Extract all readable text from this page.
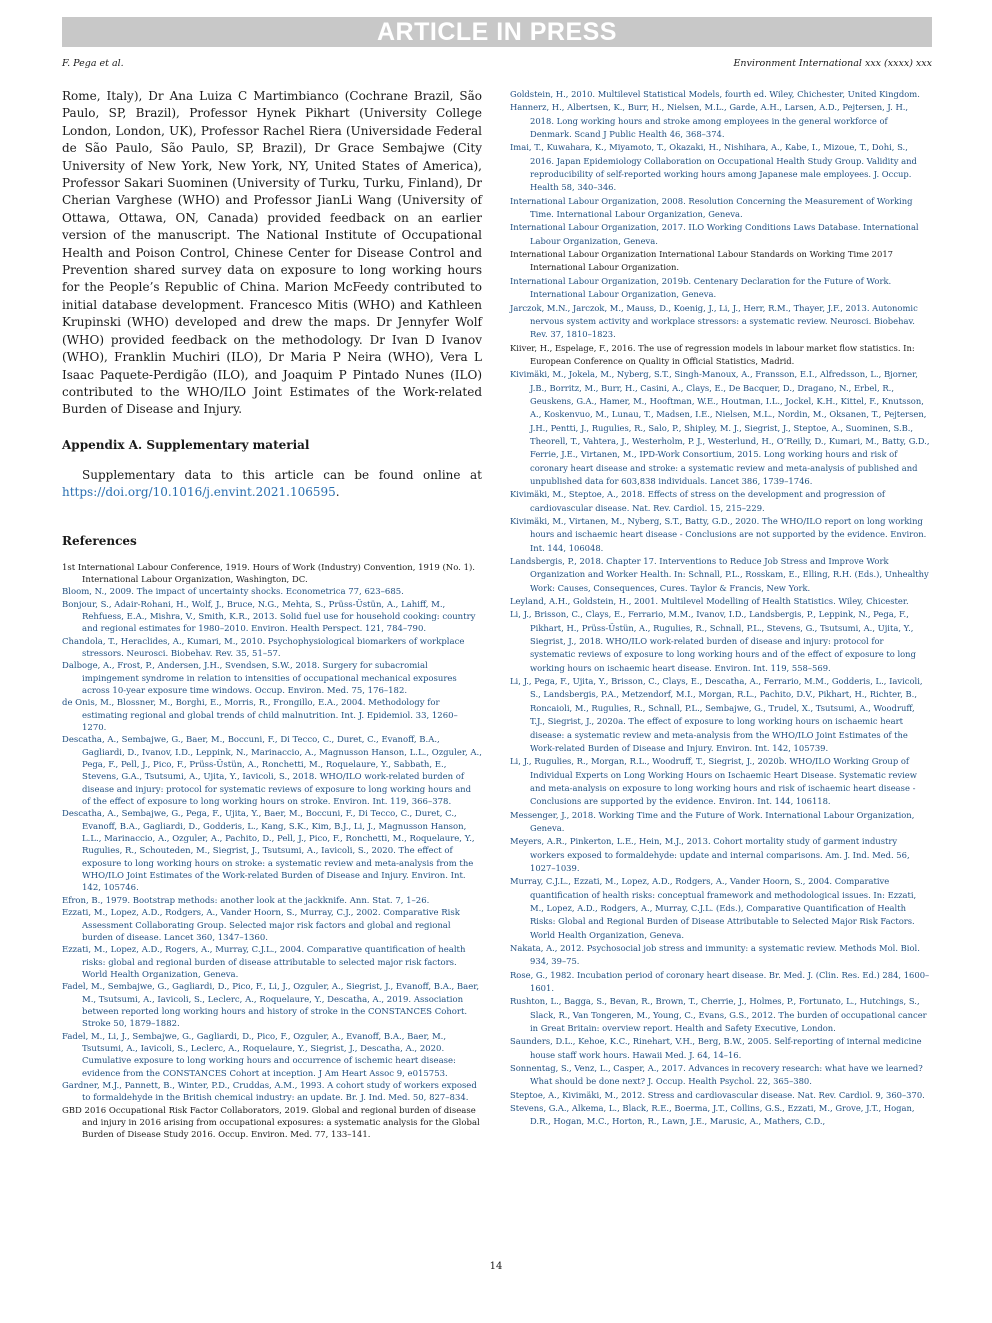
ARTICLE IN PRESS
F. Pega et al.	Environment International xxx (xxxx) xxx

Rome, Italy), Dr Ana Luiza C Martimbianco (Cochrane Brazil, São Paulo, SP, Brazil), Professor Hynek Pikhart (University College London, London, UK), Professor Rachel Riera (Universidade Federal de São Paulo, São Paulo, SP, Brazil), Dr Grace Sembajwe (City University of New York, New York, NY, United States of America), Professor Sakari Suominen (University of Turku, Turku, Finland), Dr Cherian Varghese (WHO) and Professor JianLi Wang (University of Ottawa, Ottawa, ON, Canada) provided feedback on an earlier version of the manuscript. The National Institute of Occupational Health and Poison Control, Chinese Center for Disease Control and Prevention shared survey data on exposure to long working hours for the People’s Republic of China. Marion McFeedy contributed to initial database development. Francesco Mitis (WHO) and Kathleen Krupinski (WHO) developed and drew the maps. Dr Jennyfer Wolf (WHO) provided feedback on the methodology. Dr Ivan D Ivanov (WHO), Franklin Muchiri (ILO), Dr Maria P Neira (WHO), Vera L Isaac Paquete-Perdigão (ILO), and Joaquim P Pintado Nunes (ILO) contributed to the WHO/ILO Joint Estimates of the Work-related Burden of Disease and Injury.

Appendix A. Supplementary material

Supplementary data to this article can be found online at https://doi.org/10.1016/j.envint.2021.106595.

References

1st International Labour Conference, 1919. Hours of Work (Industry) Convention, 1919 (No. 1). International Labour Organization, Washington, DC.

Bloom, N., 2009. The impact of uncertainty shocks. Econometrica 77, 623–685.

Bonjour, S., Adair-Rohani, H., Wolf, J., Bruce, N.G., Mehta, S., Prüss-Üstün, A., Lahiff, M., Rehfuess, E.A., Mishra, V., Smith, K.R., 2013. Solid fuel use for household cooking: country and regional estimates for 1980–2010. Environ. Health Perspect. 121, 784–790.

Chandola, T., Heraclides, A., Kumari, M., 2010. Psychophysiological biomarkers of workplace stressors. Neurosci. Biobehav. Rev. 35, 51–57.

Dalboge, A., Frost, P., Andersen, J.H., Svendsen, S.W., 2018. Surgery for subacromial impingement syndrome in relation to intensities of occupational mechanical exposures across 10-year exposure time windows. Occup. Environ. Med. 75, 176–182.

de Onis, M., Blossner, M., Borghi, E., Morris, R., Frongillo, E.A., 2004. Methodology for estimating regional and global trends of child malnutrition. Int. J. Epidemiol. 33, 1260–1270.

Descatha, A., Sembajwe, G., Baer, M., Boccuni, F., Di Tecco, C., Duret, C., Evanoff, B.A., Gagliardi, D., Ivanov, I.D., Leppink, N., Marinaccio, A., Magnusson Hanson, L.L., Ozguler, A., Pega, F., Pell, J., Pico, F., Prüss-Üstün, A., Ronchetti, M., Roquelaure, Y., Sabbath, E., Stevens, G.A., Tsutsumi, A., Ujita, Y., Iavicoli, S., 2018. WHO/ILO work-related burden of disease and injury: protocol for systematic reviews of exposure to long working hours and of the effect of exposure to long working hours on stroke. Environ. Int. 119, 366–378.

Descatha, A., Sembajwe, G., Pega, F., Ujita, Y., Baer, M., Boccuni, F., Di Tecco, C., Duret, C., Evanoff, B.A., Gagliardi, D., Godderis, L., Kang, S.K., Kim, B.J., Li, J., Magnusson Hanson, L.L., Marinaccio, A., Ozguler, A., Pachito, D., Pell, J., Pico, F., Ronchetti, M., Roquelaure, Y., Rugulies, R., Schouteden, M., Siegrist, J., Tsutsumi, A., Iavicoli, S., 2020. The effect of exposure to long working hours on stroke: a systematic review and meta-analysis from the WHO/ILO Joint Estimates of the Work-related Burden of Disease and Injury. Environ. Int. 142, 105746.

Efron, B., 1979. Bootstrap methods: another look at the jackknife. Ann. Stat. 7, 1–26.

Ezzati, M., Lopez, A.D., Rodgers, A., Vander Hoorn, S., Murray, C.J., 2002. Comparative Risk Assessment Collaborating Group. Selected major risk factors and global and regional burden of disease. Lancet 360, 1347–1360.

Ezzati, M., Lopez, A.D., Rogers, A., Murray, C.J.L., 2004. Comparative quantification of health risks: global and regional burden of disease attributable to selected major risk factors. World Health Organization, Geneva.

Fadel, M., Sembajwe, G., Gagliardi, D., Pico, F., Li, J., Ozguler, A., Siegrist, J., Evanoff, B.A., Baer, M., Tsutsumi, A., Iavicoli, S., Leclerc, A., Roquelaure, Y., Descatha, A., 2019. Association between reported long working hours and history of stroke in the CONSTANCES Cohort. Stroke 50, 1879–1882.

Fadel, M., Li, J., Sembajwe, G., Gagliardi, D., Pico, F., Ozguler, A., Evanoff, B.A., Baer, M., Tsutsumi, A., Iavicoli, S., Leclerc, A., Roquelaure, Y., Siegrist, J., Descatha, A., 2020. Cumulative exposure to long working hours and occurrence of ischemic heart disease: evidence from the CONSTANCES Cohort at inception. J Am Heart Assoc 9, e015753.

Gardner, M.J., Pannett, B., Winter, P.D., Cruddas, A.M., 1993. A cohort study of workers exposed to formaldehyde in the British chemical industry: an update. Br. J. Ind. Med. 50, 827–834.

GBD 2016 Occupational Risk Factor Collaborators, 2019. Global and regional burden of disease and injury in 2016 arising from occupational exposures: a systematic analysis for the Global Burden of Disease Study 2016. Occup. Environ. Med. 77, 133–141.

Goldstein, H., 2010. Multilevel Statistical Models, fourth ed. Wiley, Chichester, United Kingdom.

Hannerz, H., Albertsen, K., Burr, H., Nielsen, M.L., Garde, A.H., Larsen, A.D., Pejtersen, J. H., 2018. Long working hours and stroke among employees in the general workforce of Denmark. Scand J Public Health 46, 368–374.

Imai, T., Kuwahara, K., Miyamoto, T., Okazaki, H., Nishihara, A., Kabe, I., Mizoue, T., Dohi, S., 2016. Japan Epidemiology Collaboration on Occupational Health Study Group. Validity and reproducibility of self-reported working hours among Japanese male employees. J. Occup. Health 58, 340–346.

International Labour Organization, 2008. Resolution Concerning the Measurement of Working Time. International Labour Organization, Geneva.

International Labour Organization, 2017. ILO Working Conditions Laws Database. International Labour Organization, Geneva.

International Labour Organization International Labour Standards on Working Time 2017 International Labour Organization.

International Labour Organization, 2019b. Centenary Declaration for the Future of Work. International Labour Organization, Geneva.

Jarczok, M.N., Jarczok, M., Mauss, D., Koenig, J., Li, J., Herr, R.M., Thayer, J.F., 2013. Autonomic nervous system activity and workplace stressors: a systematic review. Neurosci. Biobehav. Rev. 37, 1810–1823.

Kiiver, H., Espelage, F., 2016. The use of regression models in labour market flow statistics. In: European Conference on Quality in Official Statistics, Madrid.

Kivimäki, M., Jokela, M., Nyberg, S.T., Singh-Manoux, A., Fransson, E.I., Alfredsson, L., Bjorner, J.B., Borritz, M., Burr, H., Casini, A., Clays, E., De Bacquer, D., Dragano, N., Erbel, R., Geuskens, G.A., Hamer, M., Hooftman, W.E., Houtman, I.L., Jockel, K.H., Kittel, F., Knutsson, A., Koskenvuo, M., Lunau, T., Madsen, I.E., Nielsen, M.L., Nordin, M., Oksanen, T., Pejtersen, J.H., Pentti, J., Rugulies, R., Salo, P., Shipley, M. J., Siegrist, J., Steptoe, A., Suominen, S.B., Theorell, T., Vahtera, J., Westerholm, P. J., Westerlund, H., O’Reilly, D., Kumari, M., Batty, G.D., Ferrie, J.E., Virtanen, M., IPD-Work Consortium, 2015. Long working hours and risk of coronary heart disease and stroke: a systematic review and meta-analysis of published and unpublished data for 603,838 individuals. Lancet 386, 1739–1746.

Kivimäki, M., Steptoe, A., 2018. Effects of stress on the development and progression of cardiovascular disease. Nat. Rev. Cardiol. 15, 215–229.

Kivimäki, M., Virtanen, M., Nyberg, S.T., Batty, G.D., 2020. The WHO/ILO report on long working hours and ischaemic heart disease - Conclusions are not supported by the evidence. Environ. Int. 144, 106048.

Landsbergis, P., 2018. Chapter 17. Interventions to Reduce Job Stress and Improve Work Organization and Worker Health. In: Schnall, P.L., Rosskam, E., Elling, R.H. (Eds.), Unhealthy Work: Causes, Consequences, Cures. Taylor & Francis, New York.

Leyland, A.H., Goldstein, H., 2001. Multilevel Modelling of Health Statistics. Wiley, Chicester.

Li, J., Brisson, C., Clays, E., Ferrario, M.M., Ivanov, I.D., Landsbergis, P., Leppink, N., Pega, F., Pikhart, H., Prüss-Üstün, A., Rugulies, R., Schnall, P.L., Stevens, G., Tsutsumi, A., Ujita, Y., Siegrist, J., 2018. WHO/ILO work-related burden of disease and injury: protocol for systematic reviews of exposure to long working hours and of the effect of exposure to long working hours on ischaemic heart disease. Environ. Int. 119, 558–569.

Li, J., Pega, F., Ujita, Y., Brisson, C., Clays, E., Descatha, A., Ferrario, M.M., Godderis, L., Iavicoli, S., Landsbergis, P.A., Metzendorf, M.I., Morgan, R.L., Pachito, D.V., Pikhart, H., Richter, B., Roncaioli, M., Rugulies, R., Schnall, P.L., Sembajwe, G., Trudel, X., Tsutsumi, A., Woodruff, T.J., Siegrist, J., 2020a. The effect of exposure to long working hours on ischaemic heart disease: a systematic review and meta-analysis from the WHO/ILO Joint Estimates of the Work-related Burden of Disease and Injury. Environ. Int. 142, 105739.

Li, J., Rugulies, R., Morgan, R.L., Woodruff, T., Siegrist, J., 2020b. WHO/ILO Working Group of Individual Experts on Long Working Hours on Ischaemic Heart Disease. Systematic review and meta-analysis on exposure to long working hours and risk of ischaemic heart disease - Conclusions are supported by the evidence. Environ. Int. 144, 106118.

Messenger, J., 2018. Working Time and the Future of Work. International Labour Organization, Geneva.

Meyers, A.R., Pinkerton, L.E., Hein, M.J., 2013. Cohort mortality study of garment industry workers exposed to formaldehyde: update and internal comparisons. Am. J. Ind. Med. 56, 1027–1039.

Murray, C.J.L., Ezzati, M., Lopez, A.D., Rodgers, A., Vander Hoorn, S., 2004. Comparative quantification of health risks: conceptual framework and methodological issues. In: Ezzati, M., Lopez, A.D., Rodgers, A., Murray, C.J.L. (Eds.), Comparative Quantification of Health Risks: Global and Regional Burden of Disease Attributable to Selected Major Risk Factors. World Health Organization, Geneva.

Nakata, A., 2012. Psychosocial job stress and immunity: a systematic review. Methods Mol. Biol. 934, 39–75.

Rose, G., 1982. Incubation period of coronary heart disease. Br. Med. J. (Clin. Res. Ed.) 284, 1600–1601.

Rushton, L., Bagga, S., Bevan, R., Brown, T., Cherrie, J., Holmes, P., Fortunato, L., Hutchings, S., Slack, R., Van Tongeren, M., Young, C., Evans, G.S., 2012. The burden of occupational cancer in Great Britain: overview report. Health and Safety Executive, London.

Saunders, D.L., Kehoe, K.C., Rinehart, V.H., Berg, B.W., 2005. Self-reporting of internal medicine house staff work hours. Hawaii Med. J. 64, 14–16.

Sonnentag, S., Venz, L., Casper, A., 2017. Advances in recovery research: what have we learned? What should be done next? J. Occup. Health Psychol. 22, 365–380.

Steptoe, A., Kivimäki, M., 2012. Stress and cardiovascular disease. Nat. Rev. Cardiol. 9, 360–370.

Stevens, G.A., Alkema, L., Black, R.E., Boerma, J.T., Collins, G.S., Ezzati, M., Grove, J.T., Hogan, D.R., Hogan, M.C., Horton, R., Lawn, J.E., Marusic, A., Mathers, C.D.,

14
